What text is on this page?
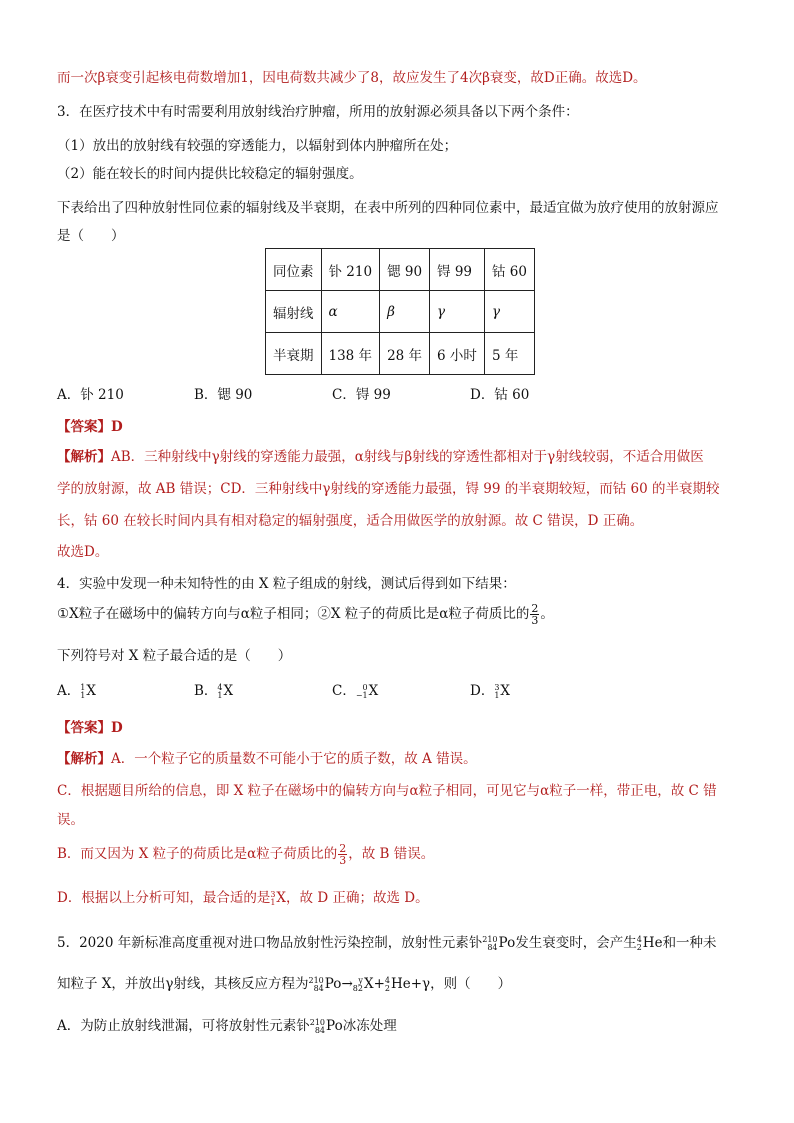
而一次β衰变引起核电荷数增加1，因电荷数共减少了8，故应发生了4次β衰变，故D正确。故选D。
3．在医疗技术中有时需要利用放射线治疗肿瘤，所用的放射源必须具备以下两个条件：
（1）放出的放射线有较强的穿透能力，以辐射到体内肿瘤所在处；
（2）能在较长的时间内提供比较稳定的辐射强度。
下表给出了四种放射性同位素的辐射线及半衰期，在表中所列的四种同位素中，最适宜做为放疗使用的放射源应
是（　　）
同位素	钋 210	锶 90	锝 99	钴 60
辐射线	α	β	γ	γ
半衰期	138 年	28 年	6 小时	5 年
A．钋 210	B．锶 90	C．锝 99	D．钴 60
【答案】D
【解析】AB．三种射线中γ射线的穿透能力最强，α射线与β射线的穿透性都相对于γ射线较弱，不适合用做医
学的放射源，故 AB 错误；CD．三种射线中γ射线的穿透能力最强，锝 99 的半衰期较短，而钴 60 的半衰期较
长，钴 60 在较长时间内具有相对稳定的辐射强度，适合用做医学的放射源。故 C 错误，D 正确。
故选D。
4．实验中发现一种未知特性的由 X 粒子组成的射线，测试后得到如下结果：
①X粒子在磁场中的偏转方向与α粒子相同；②X 粒子的荷质比是α粒子荷质比的 $\frac{2}{3}$ 。
下列符号对 X 粒子最合适的是（　　）
A． 1
1 X	B． 4
1 X	C． 0
−1 X	D． 3
1 X
【答案】D
【解析】A．一个粒子它的质量数不可能小于它的质子数，故 A 错误。
C．根据题目所给的信息，即 X 粒子在磁场中的偏转方向与α粒子相同，可见它与α粒子一样，带正电，故 C 错
误。
B．而又因为 X 粒子的荷质比是α粒子荷质比的 $\frac{2}{3}$ ，故 B 错误。
D．根据以上分析可知，最合适的是 3
1 X，故 D 正确；故选 D。
5．2020 年新标准高度重视对进口物品放射性污染控制，放射性元素钋 210
84 Po发生衰变时，会产生 4
2 He和一种未
知粒子 X，并放出γ射线，其核反应方程为 210
84 Po→ y
82 X+ 4
2 He+γ，则（　　）
A．为防止放射线泄漏，可将放射性元素钋 210
84 Po冰冻处理
